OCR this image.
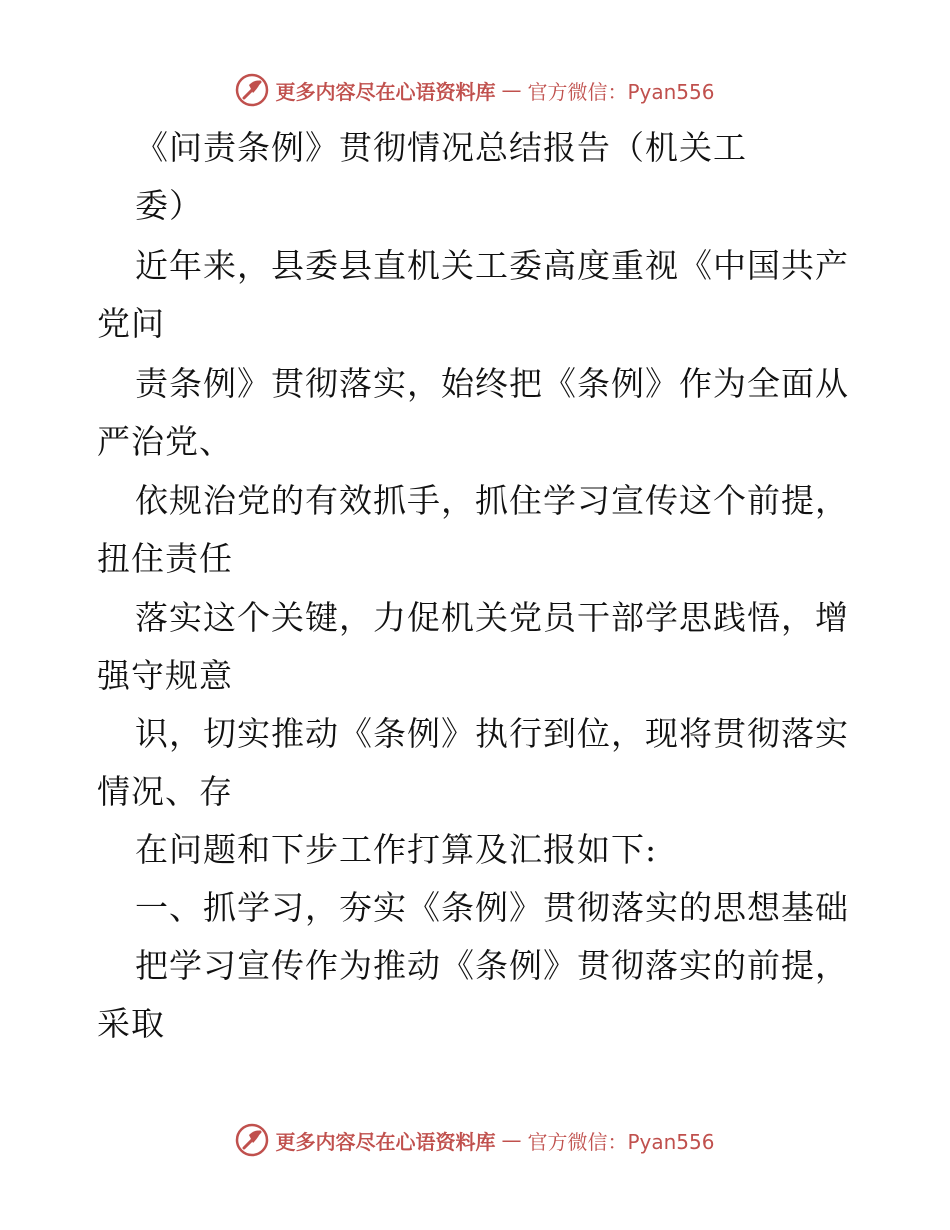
更多内容尽在心语资料库 — 官方微信：Pyan556
《问责条例》贯彻情况总结报告（机关工
委）
近年来，县委县直机关工委高度重视《中国共产
党问
责条例》贯彻落实，始终把《条例》作为全面从
严治党、
依规治党的有效抓手，抓住学习宣传这个前提，
扭住责任
落实这个关键，力促机关党员干部学思践悟，增
强守规意
识，切实推动《条例》执行到位，现将贯彻落实
情况、存
在问题和下步工作打算及汇报如下:
一、抓学习，夯实《条例》贯彻落实的思想基础
把学习宣传作为推动《条例》贯彻落实的前提，
采取
更多内容尽在心语资料库 — 官方微信：Pyan556
